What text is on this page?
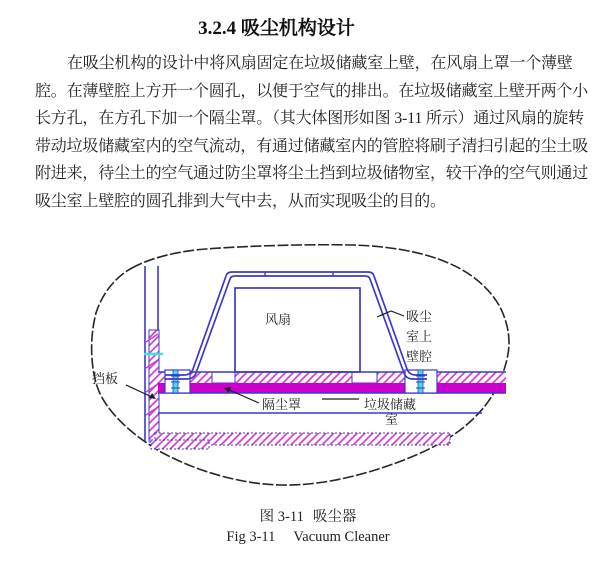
3.2.4 吸尘机构设计
在吸尘机构的设计中将风扇固定在垃圾储藏室上壁，在风扇上罩一个薄壁
腔。在薄壁腔上方开一个圆孔，以便于空气的排出。在垃圾储藏室上壁开两个小
长方孔，在方孔下加一个隔尘罩。（其大体图形如图 3-11 所示）通过风扇的旋转
带动垃圾储藏室内的空气流动，有通过储藏室内的管腔将刷子清扫引起的尘土吸
附进来，待尘土的空气通过防尘罩将尘土挡到垃圾储物室，较干净的空气则通过
吸尘室上壁腔的圆孔排到大气中去，从而实现吸尘的目的。
风扇
挡板
隔尘罩	垃圾储藏
室
吸尘
室上
壁腔
图 3-11 吸尘器
Fig 3-11 Vacuum Cleaner
